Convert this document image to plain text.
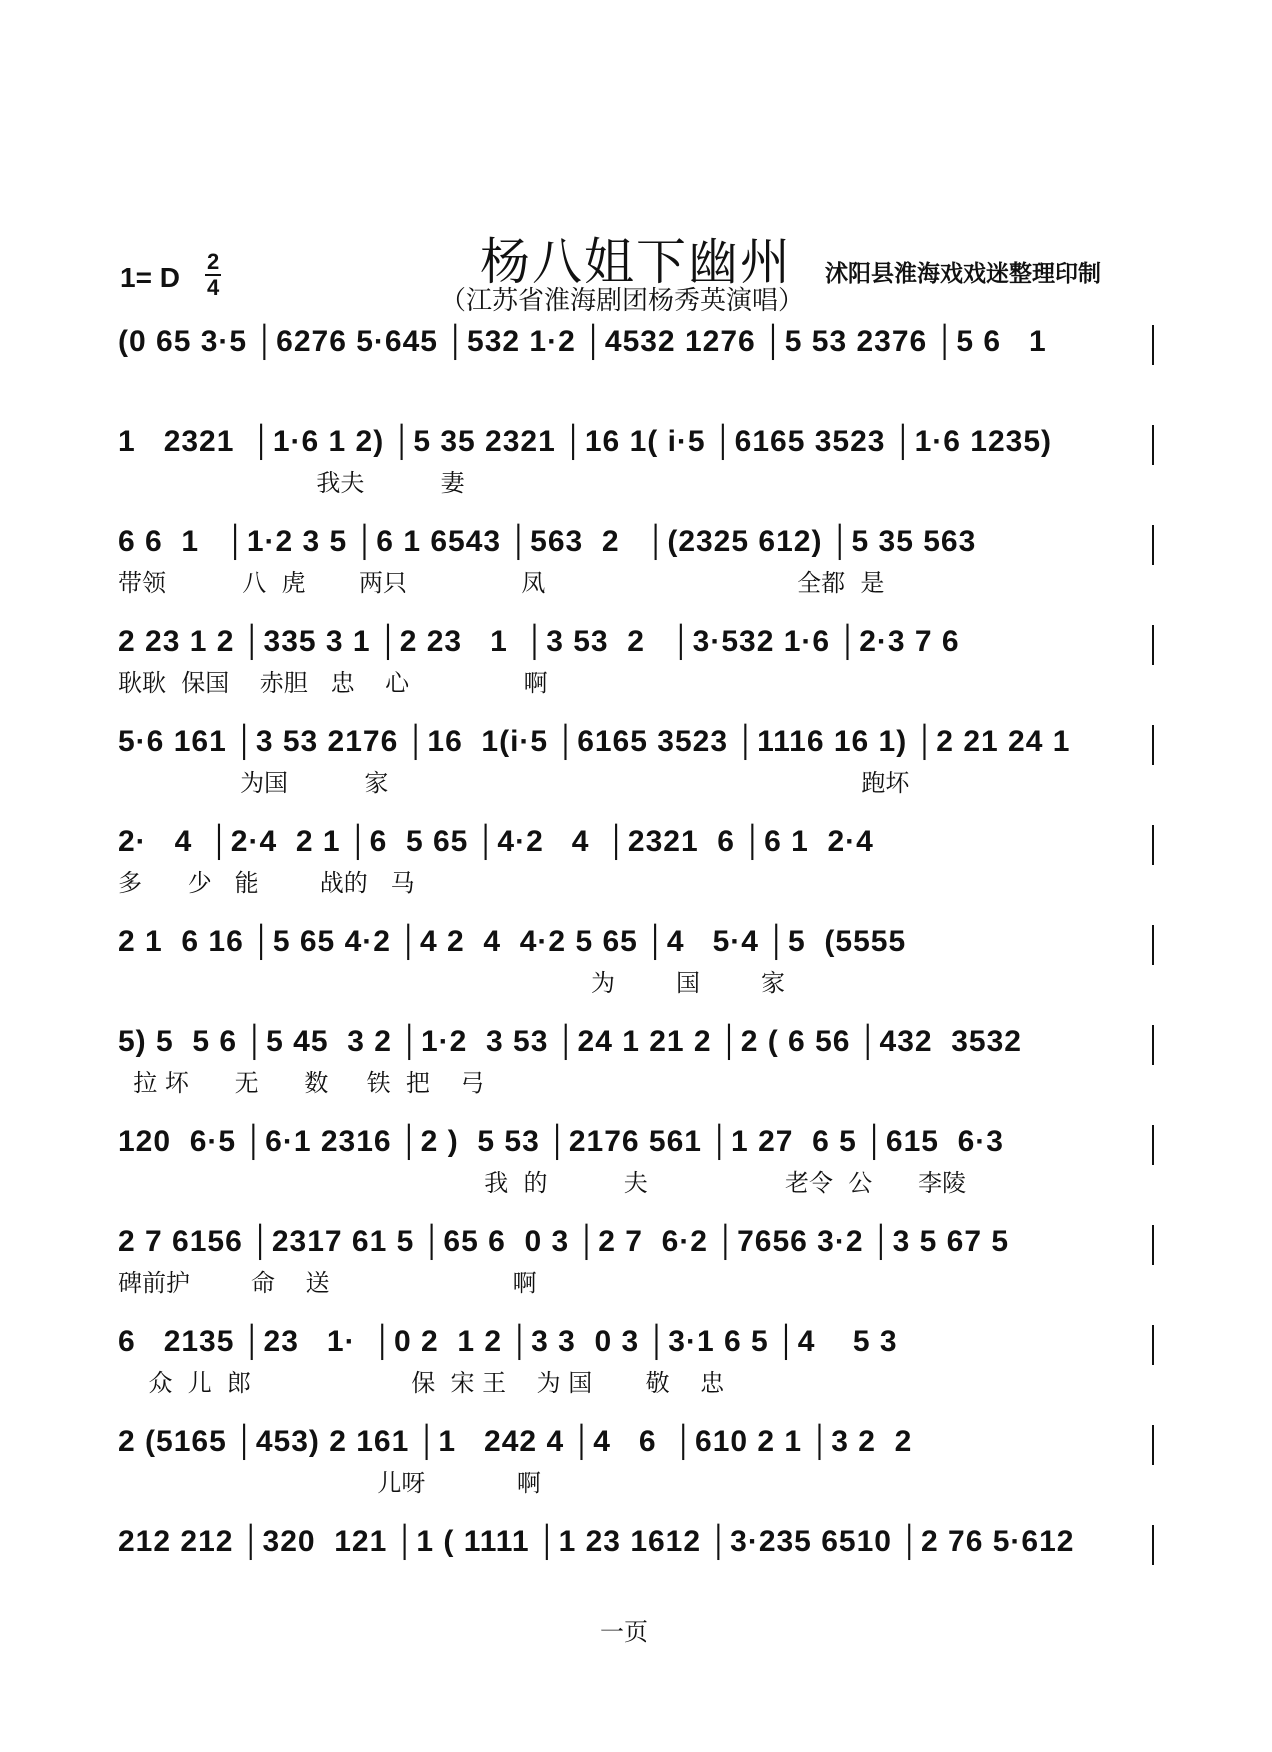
1= D $\frac{2}{4}$	杨八姐下幽州
（江苏省淮海剧团杨秀英演唱）
沭阳县淮海戏戏迷整理印制
(0 65 3·5 │6276 5·645 │532 1·2 │4532 1276 │5 53 2376 │5 6   1
1   2321  │1·6 1 2) │5 35 2321 │16 1( i·5 │6165 3523 │1·6 1235)
我夫          妻
6 6  1   │1·2 3 5 │6 1 6543 │563  2   │(2325 612) │5 35 563
带领          八  虎       两只               凤                                 全都  是
2 23 1 2 │335 3 1 │2 23   1  │3 53  2   │3·532 1·6 │2·3 7 6
耿耿  保国    赤胆   忠    心               啊
5·6 161 │3 53 2176 │16  1(i·5 │6165 3523 │1116 16 1) │2 21 24 1
为国          家                                                              跑坏
2·   4  │2·4  2 1 │6  5 65 │4·2   4  │2321  6 │6 1  2·4
多      少   能        战的   马
2 1  6 16 │5 65 4·2 │4 2  4  4·2 5 65 │4   5·4 │5  (5555
为        国        家
5) 5  5 6 │5 45  3 2 │1·2  3 53 │24 1 21 2 │2 ( 6 56 │432  3532
拉 坏      无      数     铁  把    弓
120  6·5 │6·1 2316 │2 )  5 53 │2176 561 │1 27  6 5 │615  6·3
我  的          夫                  老令  公      李陵
2 7 6156 │2317 61 5 │65 6  0 3 │2 7  6·2 │7656 3·2 │3 5 67 5
碑前护        命    送                        啊
6   2135 │23   1·  │0 2  1 2 │3 3  0 3 │3·1 6 5 │4    5 3
众  儿  郎                     保  宋 王    为 国       敬    忠
2 (5165 │453) 2 161 │1   242 4 │4   6  │610 2 1 │3 2  2
儿呀            啊
212 212 │320  121 │1 ( 1111 │1 23 1612 │3·235 6510 │2 76 5·612
一页
